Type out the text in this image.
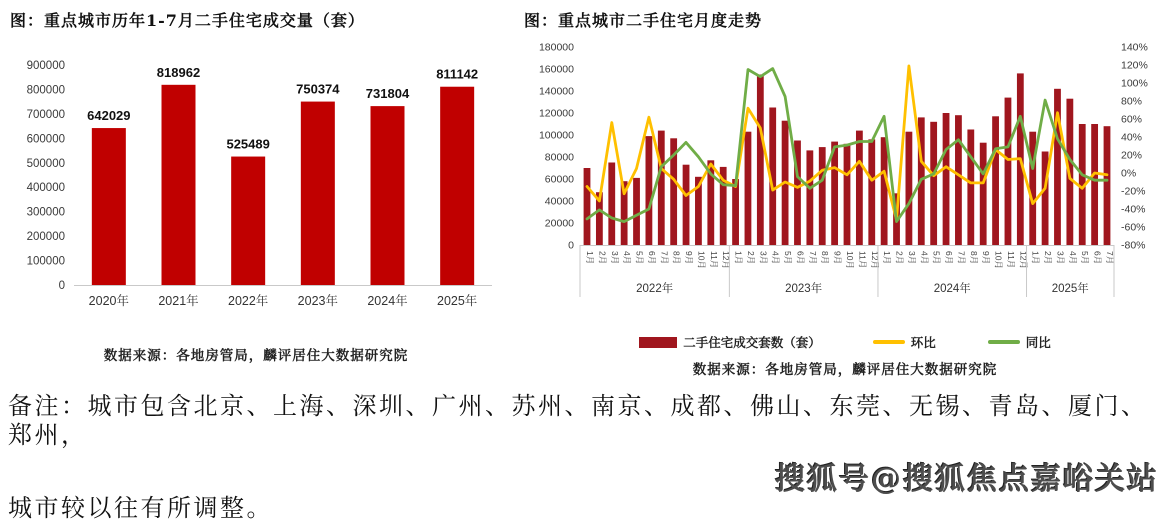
图：重点城市历年1-7月二手住宅成交量（套）
0
100000
200000
300000
400000
500000
600000
700000
800000
900000
642029
2020年
818962
2021年
525489
2022年
750374
2023年
731804
2024年
811142
2025年
数据来源：各地房管局，麟评居住大数据研究院
图：重点城市二手住宅月度走势
0
20000
40000
60000
80000
100000
120000
140000
160000
180000
-80%
-60%
-40%
-20%
0%
20%
40%
60%
80%
100%
120%
140%
1月 2月 3月 4月 5月 6月 7月 8月 9月 10月 11月 12月 1月 2月 3月 4月 5月 6月 7月 8月 9月 10月 11月 12月 1月 2月 3月 4月 5月 6月 7月 8月 9月 10月 11月 12月 1月 2月 3月 4月 5月 6月 7月
2022年	2023年	2024年	2025年
二手住宅成交套数（套）	环比	同比
数据来源：各地房管局，麟评居住大数据研究院

备注：城市包含北京、上海、深圳、广州、苏州、南京、成都、佛山、东莞、无锡、青岛、厦门、郑州，

城市较以往有所调整。

搜狐号@搜狐焦点嘉峪关站
